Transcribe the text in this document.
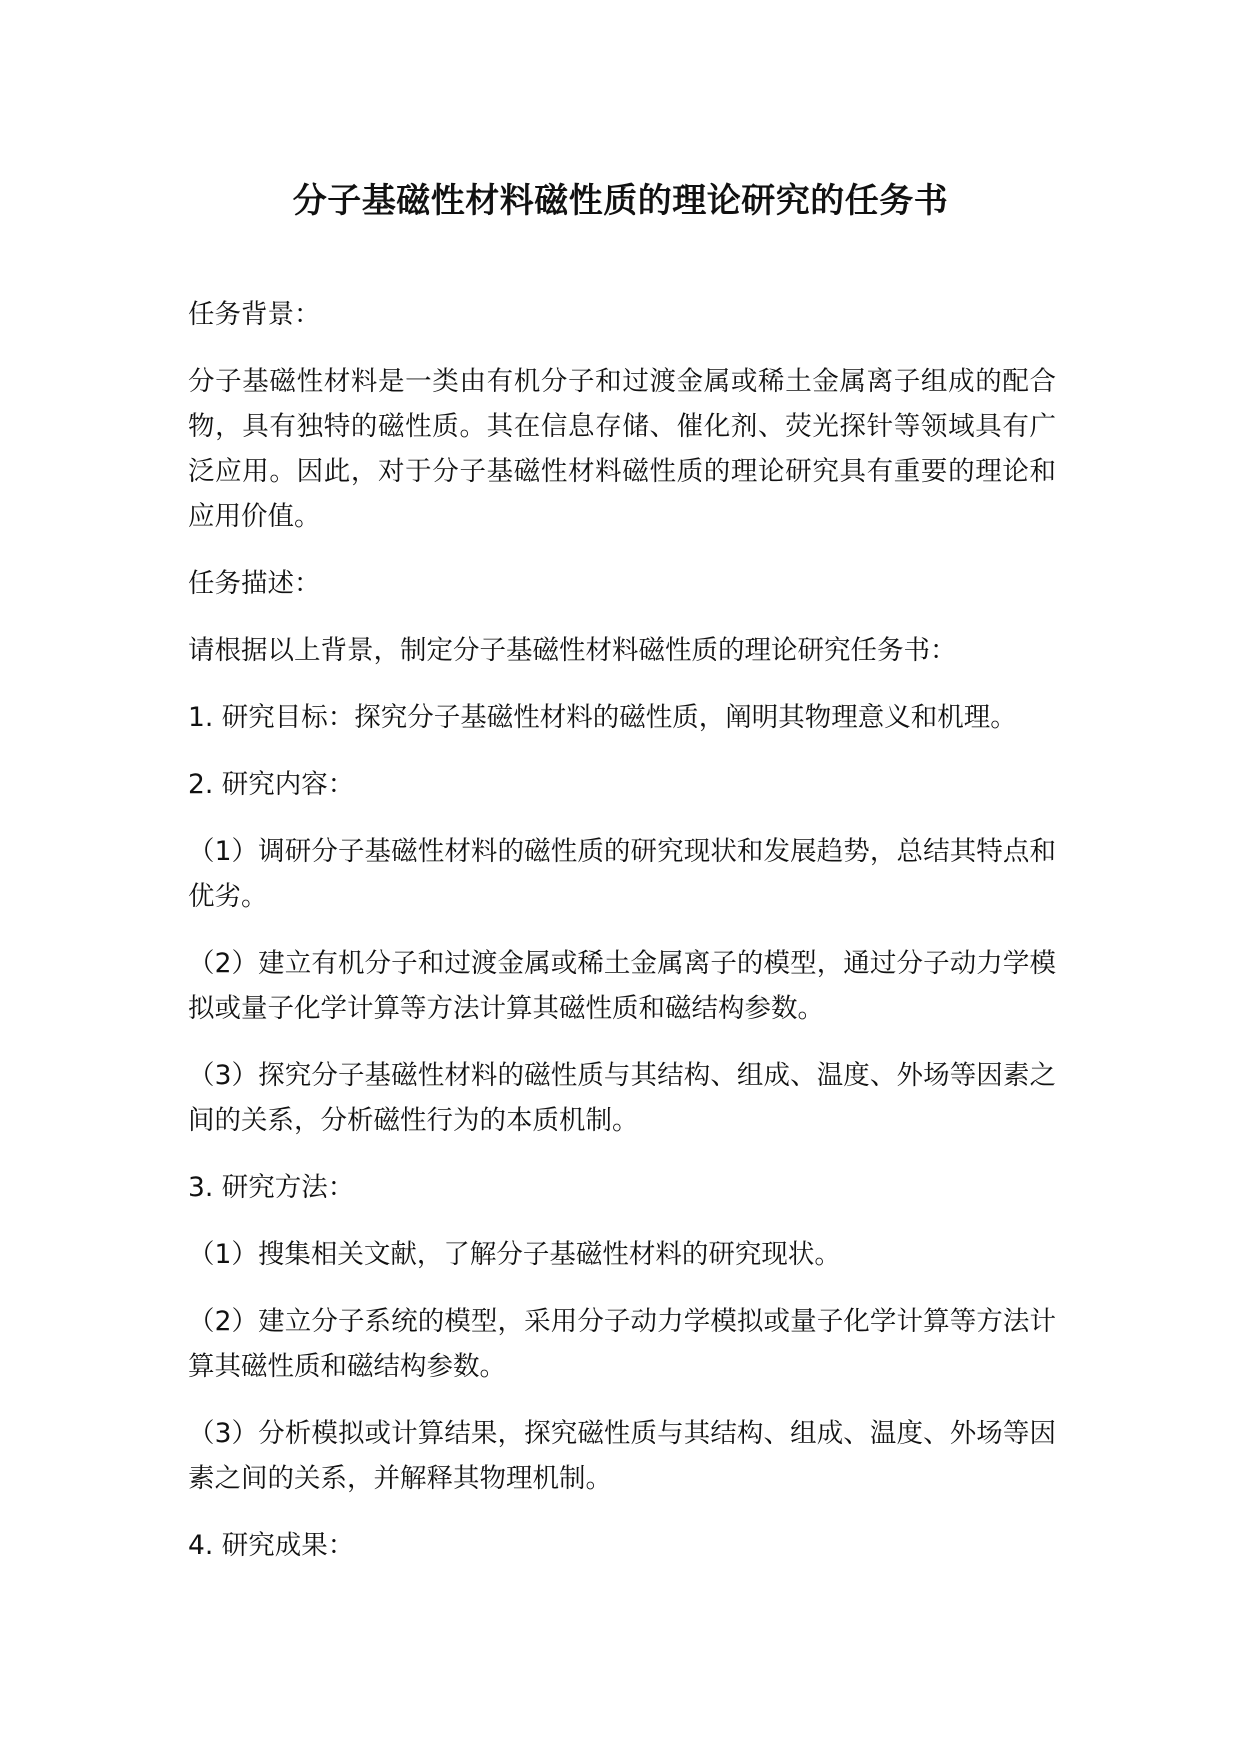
分子基磁性材料磁性质的理论研究的任务书

任务背景：

分子基磁性材料是一类由有机分子和过渡金属或稀土金属离子组成的配合物，具有独特的磁性质。其在信息存储、催化剂、荧光探针等领域具有广泛应用。因此，对于分子基磁性材料磁性质的理论研究具有重要的理论和应用价值。

任务描述：

请根据以上背景，制定分子基磁性材料磁性质的理论研究任务书：

1. 研究目标：探究分子基磁性材料的磁性质，阐明其物理意义和机理。

2. 研究内容：

（1）调研分子基磁性材料的磁性质的研究现状和发展趋势，总结其特点和优劣。

（2）建立有机分子和过渡金属或稀土金属离子的模型，通过分子动力学模拟或量子化学计算等方法计算其磁性质和磁结构参数。

（3）探究分子基磁性材料的磁性质与其结构、组成、温度、外场等因素之间的关系，分析磁性行为的本质机制。

3. 研究方法：

（1）搜集相关文献，了解分子基磁性材料的研究现状。

（2）建立分子系统的模型，采用分子动力学模拟或量子化学计算等方法计算其磁性质和磁结构参数。

（3）分析模拟或计算结果，探究磁性质与其结构、组成、温度、外场等因素之间的关系，并解释其物理机制。

4. 研究成果：
